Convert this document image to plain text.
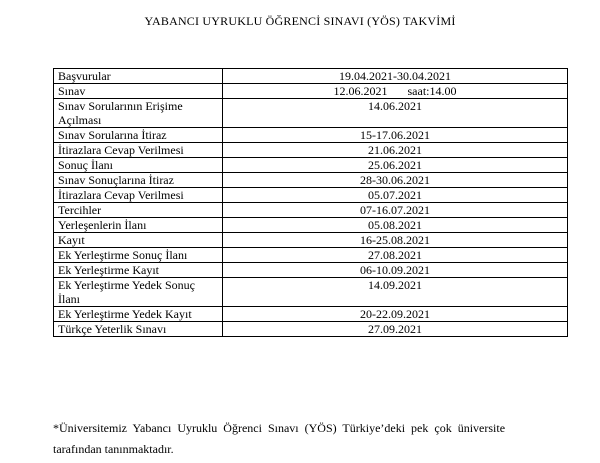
YABANCI UYRUKLU ÖĞRENCİ SINAVI (YÖS) TAKVİMİ
Başvurular	19.04.2021-30.04.2021
Sınav	12.06.2021 saat:14.00
Sınav Sorularının Erişime Açılması	14.06.2021
Sınav Sorularına İtiraz	15-17.06.2021
İtirazlara Cevap Verilmesi	21.06.2021
Sonuç İlanı	25.06.2021
Sınav Sonuçlarına İtiraz	28-30.06.2021
İtirazlara Cevap Verilmesi	05.07.2021
Tercihler	07-16.07.2021
Yerleşenlerin İlanı	05.08.2021
Kayıt	16-25.08.2021
Ek Yerleştirme Sonuç İlanı	27.08.2021
Ek Yerleştirme Kayıt	06-10.09.2021
Ek Yerleştirme Yedek Sonuç İlanı	14.09.2021
Ek Yerleştirme Yedek Kayıt	20-22.09.2021
Türkçe Yeterlik Sınavı	27.09.2021
*Üniversitemiz Yabancı Uyruklu Öğrenci Sınavı (YÖS) Türkiye’deki pek çok üniversite
tarafından tanınmaktadır.
